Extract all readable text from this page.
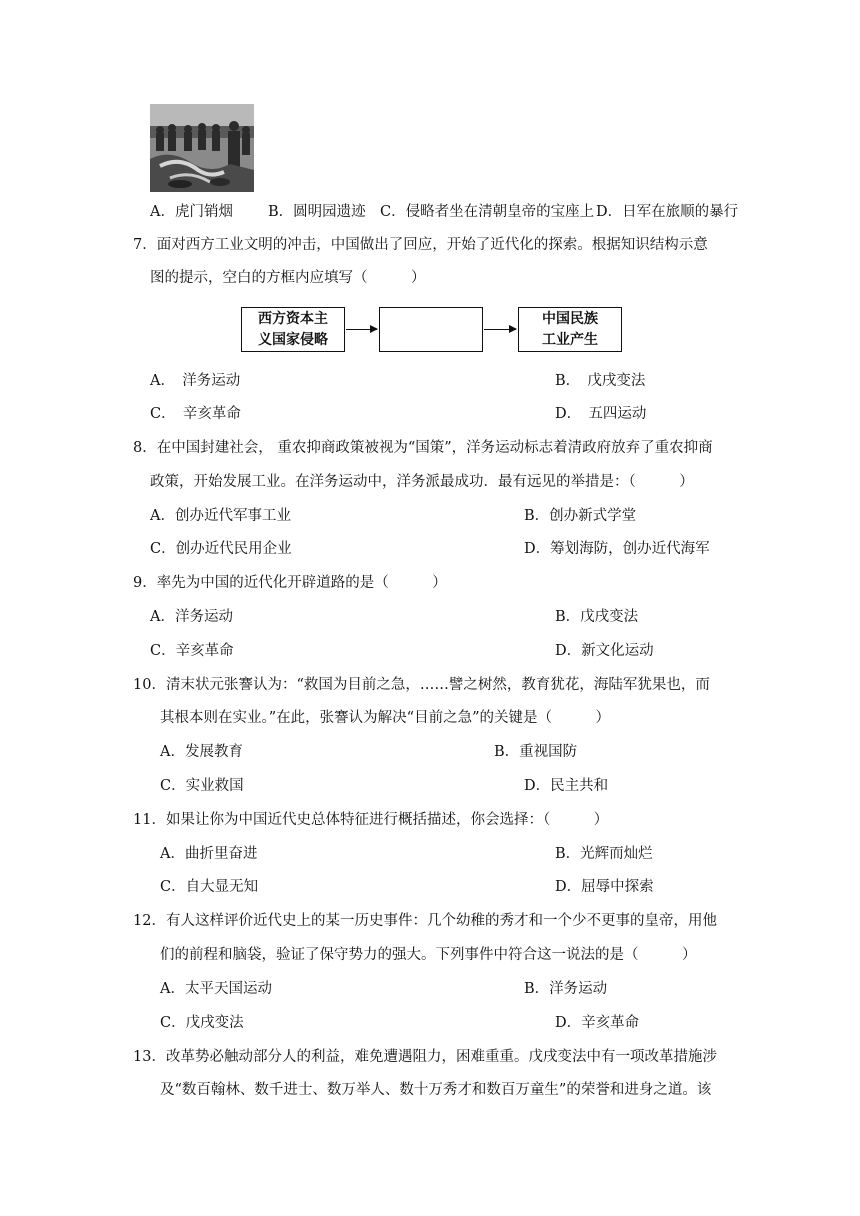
A．虎门销烟 B．圆明园遗迹 C．侵略者坐在清朝皇帝的宝座上 D．日军在旅顺的暴行
7．面对西方工业文明的冲击，中国做出了回应，开始了近代化的探索。根据知识结构示意
图的提示，空白的方框内应填写（　　　）
西方资本主
义国家侵略
中国民族
工业产生
A．　洋务运动	B．　戊戌变法
C．　辛亥革命	D．　五四运动
8．在中国封建社会， 重农抑商政策被视为“国策”，洋务运动标志着清政府放弃了重农抑商
政策，开始发展工业。在洋务运动中，洋务派最成功．最有远见的举措是：（　　　）
A．创办近代军事工业	B．创办新式学堂
C．创办近代民用企业	D．筹划海防，创办近代海军
9．率先为中国的近代化开辟道路的是（　　　）
A．洋务运动	B．戊戌变法
C．辛亥革命	D．新文化运动
10．清末状元张謇认为：“救国为目前之急，……譬之树然，教育犹花，海陆军犹果也，而
其根本则在实业。”在此，张謇认为解决“目前之急”的关键是（　　　）
A．发展教育	B．重视国防
C．实业救国	D．民主共和
11．如果让你为中国近代史总体特征进行概括描述，你会选择：（　　　）
A．曲折里奋进	B．光辉而灿烂
C．自大显无知	D．屈辱中探索
12．有人这样评价近代史上的某一历史事件：几个幼稚的秀才和一个少不更事的皇帝，用他
们的前程和脑袋，验证了保守势力的强大。下列事件中符合这一说法的是（　　　）
A．太平天国运动	B．洋务运动
C．戊戌变法	D．辛亥革命
13．改革势必触动部分人的利益，难免遭遇阻力，困难重重。戊戌变法中有一项改革措施涉
及“数百翰林、数千进士、数万举人、数十万秀才和数百万童生”的荣誉和进身之道。该
